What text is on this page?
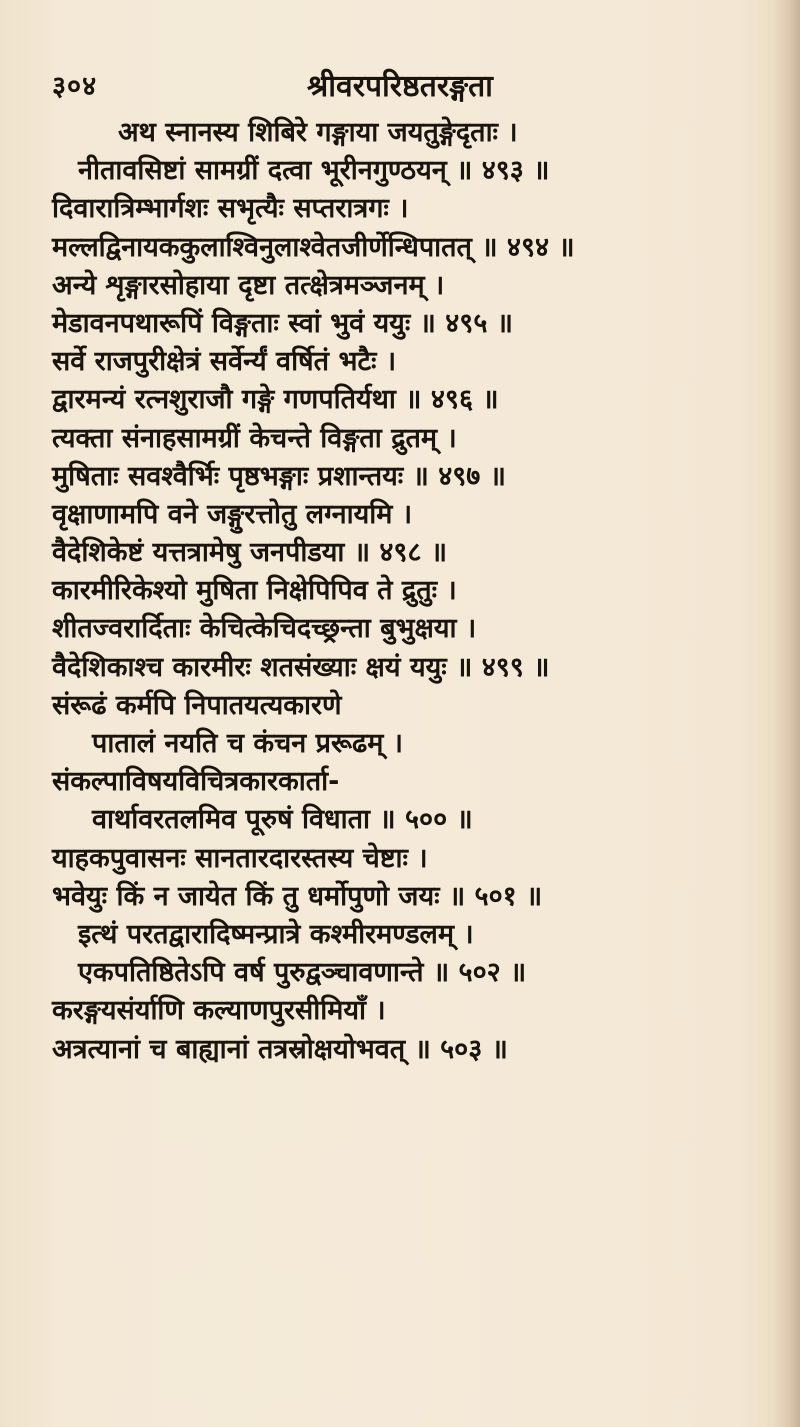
३०४	श्रीवरपरिष्ठतरङ्गता
अथ स्नानस्य शिबिरे गङ्गाया जयतुङ्गेदृताः ।
नीतावसिष्टां सामग्रीं दत्वा भूरीनगुण्ठयन् ॥ ४९३ ॥
दिवारात्रिम्भार्गशः सभृत्यैः सप्तरात्रगः ।
मल्लद्विनायककुलाश्विनुलाश्वेतजीर्णेन्धिपातत् ॥ ४९४ ॥
अन्ये शृङ्गारसोहाया दृष्टा तत्क्षेत्रमञ्जनम् ।
मेडावनपथारूपिं विङ्गताः स्वां भुवं ययुः ॥ ४९५ ॥
सर्वे राजपुरीक्षेत्रं सर्वेर्न्यं वर्षितं भटैः ।
द्वारमन्यं रत्नशुराजौ गङ्गे गणपतिर्यथा ॥ ४९६ ॥
त्यक्ता संनाहसामग्रीं केचन्ते विङ्गता द्रुतम् ।
मुषिताः सवश्वैर्भिः पृष्ठभङ्गाः प्रशान्तयः ॥ ४९७ ॥
वृक्षाणामपि वने जङ्गुरत्तोतु लग्नायमि ।
वैदेशिकेष्टं यत्तत्रामेषु जनपीडया ॥ ४९८ ॥
कारमीरिकेश्यो मुषिता निक्षेपिपिव ते द्रुतुः ।
शीतज्वरार्दिताः केचित्केचिदच्छ्रन्ता बुभुक्षया ।
वैदेशिकाश्च कारमीरः शतसंख्याः क्षयं ययुः ॥ ४९९ ॥
संरूढं कर्मपि निपातयत्यकारणे
पातालं नयति च कंचन प्ररूढम् ।
संकल्पाविषयविचित्रकारकार्ता-
वार्थावरतलमिव पूरुषं विधाता ॥ ५०० ॥
याहकपुवासनः सानतारदारस्तस्य चेष्टाः ।
भवेयुः किं न जायेत किं तु धर्मोपुणो जयः ॥ ५०१ ॥
इत्थं परतद्वारादिष्मन्प्रात्रे कश्मीरमण्डलम् ।
एकपतिष्ठितेऽपि वर्ष पुरुद्वञ्चावणान्ते ॥ ५०२ ॥
करङ्गयसंर्याणि कल्याणपुरसीमियाँ ।
अत्रत्यानां च बाह्यानां तत्रस्रोक्षयोभवत् ॥ ५०३ ॥
